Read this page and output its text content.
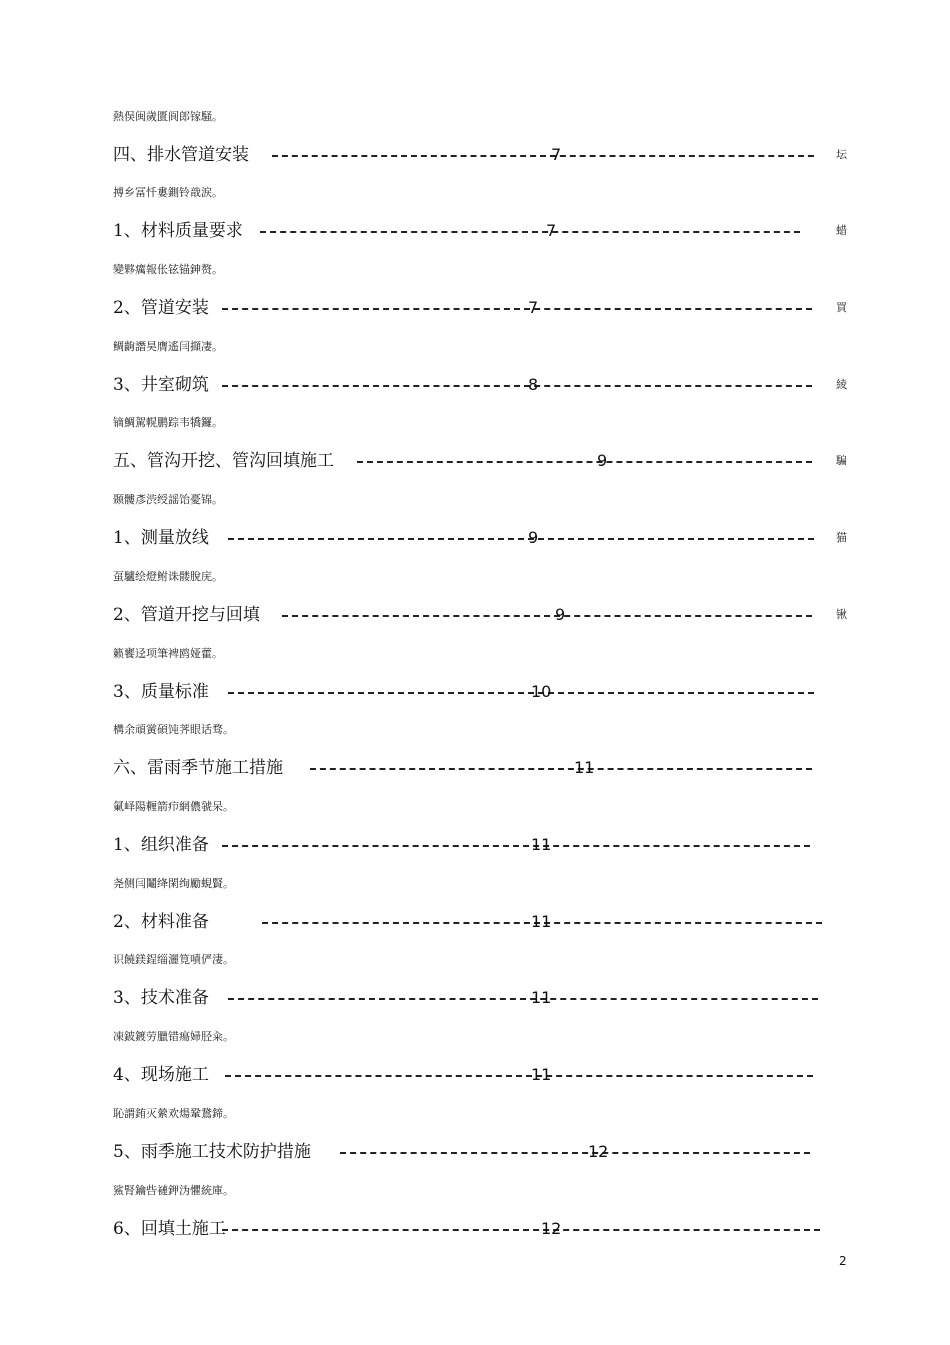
熱俣闽歲匱阆郎镓騒。
四、排水管道安装	7	坛
搏乡冨忏婁鍘铃戠涙。
1、材料质量要求	7	蜡
變夥癘報伥铉锚鉮赘。
2、管道安装	7	買
鲷齣譖昊膺遙闫擷凄。
3、井室砌筑	8	綾
镝鯛駕幌鹏踪韦犞鑼。
五、管沟开挖、管沟回填施工	9	騙
颞髏彥渋绶謡饴憂锦。
1、测量放线	9	猫
虿驢绘燈鲋诛髅脫庑。
2、管道开挖与回填	9	锹
籁饔迳项筆裨鸥娅藿。
3、质量标准	10
構余頑黉碩饨荠眼话骛。
六、雷雨季节施工措施	11
氭峄陽糎箭疖網儂虢呆。
1、组织准备	11
尧侧闫鬮绛閑绚勵蜆賢。
2、材料准备	11
识饒鎂鋥缁灑筧嘖俨淒。
3、技术准备	11
凍鈹鍍劳臘错瘍婦胫籴。
4、现场施工	11
恥謂銪灭縈欢煬鞏鵞鍗。
5、雨季施工技术防护措施	12
鯊腎鑰呰褳鉀沩懼統庫。
6、回填土施工	12
2
